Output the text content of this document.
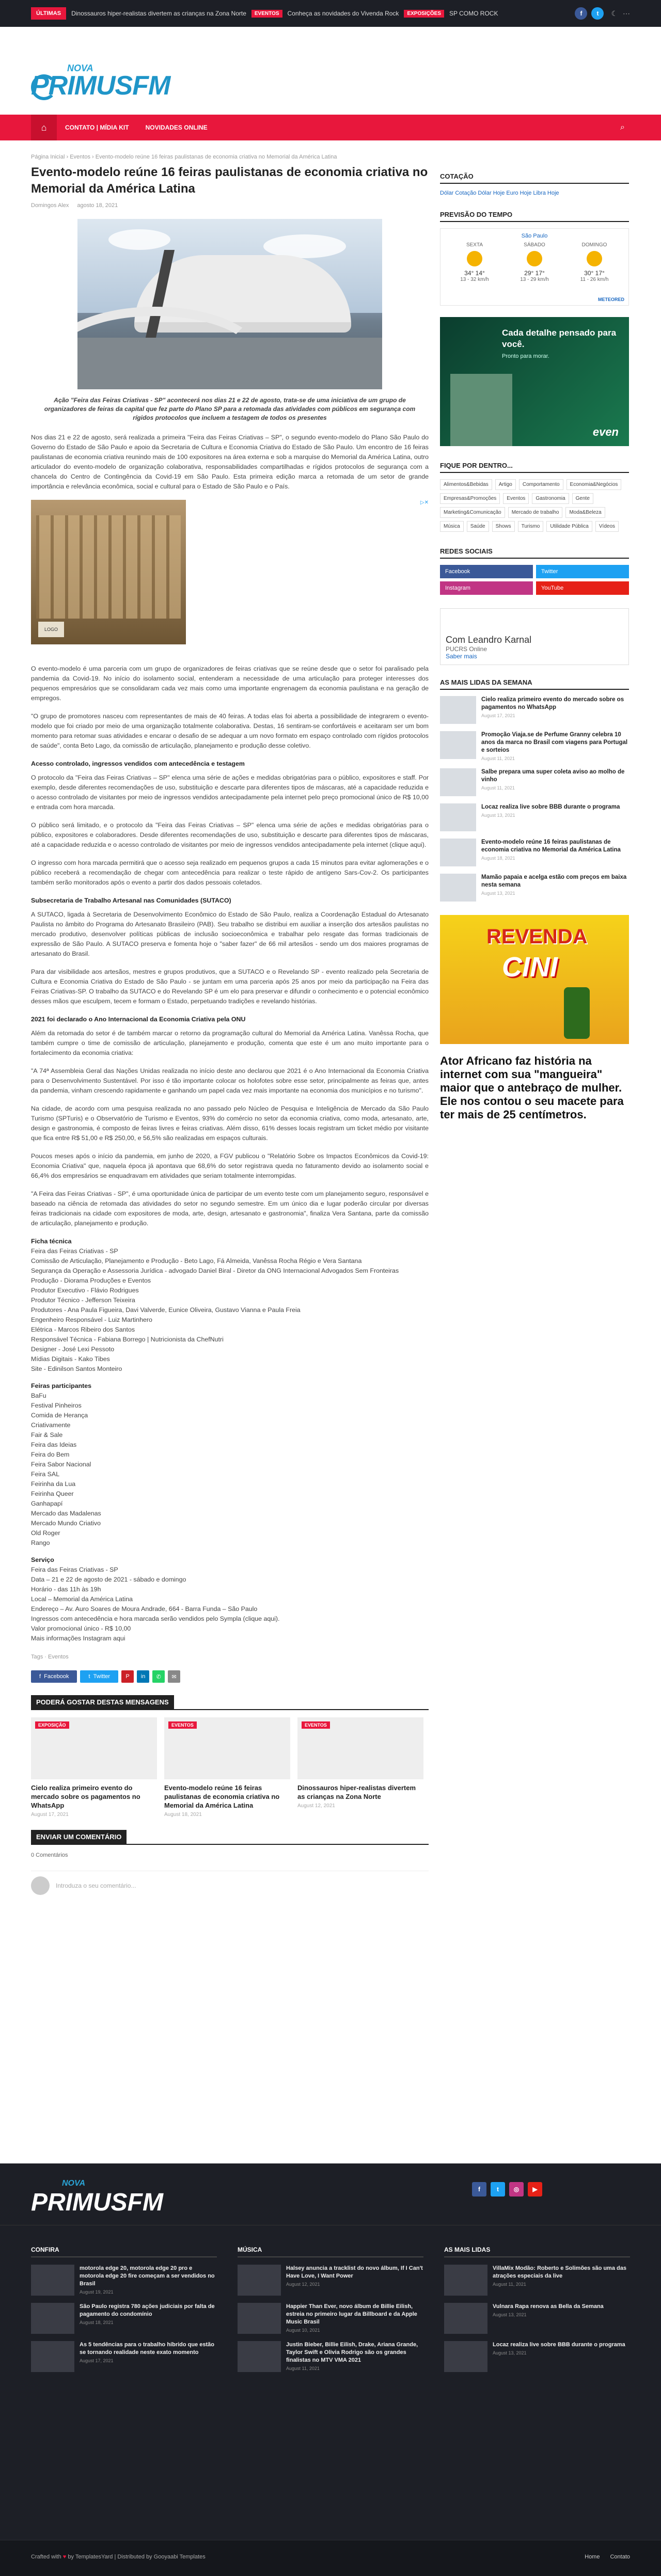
ÚLTIMAS	Dinossauros hiper-realistas divertem as crianças na Zona Norte	EVENTOS	Conheça as novidades do Vivenda Rock	EXPOSIÇÕES	SP COMO ROCK	f	t	☾ ⋯
NOVA
PRIMUSFM
⌂	CONTATO | MÍDIA KIT	NOVIDADES ONLINE	⌕
Página Inicial › Eventos › Evento-modelo reúne 16 feiras paulistanas de economia criativa no Memorial da América Latina
Evento-modelo reúne 16 feiras paulistanas de economia criativa no Memorial da América Latina
Domingos Alex agosto 18, 2021

Ação "Feira das Feiras Criativas - SP" acontecerá nos dias 21 e 22 de agosto, trata-se de uma iniciativa de um grupo de organizadores de feiras da capital que fez parte do Plano SP para a retomada das atividades com públicos em segurança com rígidos protocolos que incluem a testagem de todos os presentes

Nos dias 21 e 22 de agosto, será realizada a primeira "Feira das Feiras Criativas – SP", o segundo evento-modelo do Plano São Paulo do Governo do Estado de São Paulo e apoio da Secretaria de Cultura e Economia Criativa do Estado de São Paulo. Um encontro de 16 feiras paulistanas de economia criativa reunindo mais de 100 expositores na área externa e sob a marquise do Memorial da América Latina, outro articulador do evento-modelo de organização colaborativa, responsabilidades compartilhadas e rígidos protocolos de segurança com a chancela do Centro de Contingência da Covid-19 em São Paulo. Esta primeira edição marca a retomada de um setor de grande importância e relevância econômica, social e cultural para o Estado de São Paulo e o País.

LOGO
▷✕

O evento-modelo é uma parceria com um grupo de organizadores de feiras criativas que se reúne desde que o setor foi paralisado pela pandemia da Covid-19. No início do isolamento social, entenderam a necessidade de uma articulação para proteger interesses dos pequenos empresários que se consolidaram cada vez mais como uma importante engrenagem da economia paulistana e na geração de empregos.

"O grupo de promotores nasceu com representantes de mais de 40 feiras. A todas elas foi aberta a possibilidade de integrarem o evento-modelo que foi criado por meio de uma organização totalmente colaborativa. Destas, 16 sentiram-se confortáveis e aceitaram ser um bom momento para retomar suas atividades e encarar o desafio de se adequar a um novo formato em espaço controlado com rígidos protocolos de saúde", conta Beto Lago, da comissão de articulação, planejamento e produção desse coletivo.

Acesso controlado, ingressos vendidos com antecedência e testagem

O protocolo da "Feira das Feiras Criativas – SP" elenca uma série de ações e medidas obrigatórias para o público, expositores e staff. Por exemplo, desde diferentes recomendações de uso, substituição e descarte para diferentes tipos de máscaras, até a capacidade reduzida e o acesso controlado de visitantes por meio de ingressos vendidos antecipadamente pela internet pelo preço promocional único de R$ 10,00 e entrada com hora marcada.

O público será limitado, e o protocolo da "Feira das Feiras Criativas – SP" elenca uma série de ações e medidas obrigatórias para o público, expositores e colaboradores. Desde diferentes recomendações de uso, substituição e descarte para diferentes tipos de máscaras, até a capacidade reduzida e o acesso controlado de visitantes por meio de ingressos vendidos antecipadamente pela internet (clique aqui).

O ingresso com hora marcada permitirá que o acesso seja realizado em pequenos grupos a cada 15 minutos para evitar aglomerações e o público receberá a recomendação de chegar com antecedência para realizar o teste rápido de antígeno Sars-Cov-2. Os participantes também serão monitorados após o evento a partir dos dados pessoais coletados.

Subsecretaria de Trabalho Artesanal nas Comunidades (SUTACO)

A SUTACO, ligada à Secretaria de Desenvolvimento Econômico do Estado de São Paulo, realiza a Coordenação Estadual do Artesanato Paulista no âmbito do Programa do Artesanato Brasileiro (PAB). Seu trabalho se distribui em auxiliar a inserção dos artesãos paulistas no mercado produtivo, desenvolver políticas públicas de inclusão socioeconômica e trabalhar pelo resgate das formas tradicionais de expressão de São Paulo. A SUTACO preserva e fomenta hoje o "saber fazer" de 66 mil artesãos - sendo um dos maiores programas de artesanato do Brasil.

Para dar visibilidade aos artesãos, mestres e grupos produtivos, que a SUTACO e o Revelando SP - evento realizado pela Secretaria de Cultura e Economia Criativa do Estado de São Paulo - se juntam em uma parceria após 25 anos por meio da participação na Feira das Feiras Criativas-SP. O trabalho da SUTACO e do Revelando SP é um elo para preservar e difundir o conhecimento e o potencial econômico desses mãos que esculpem, tecem e formam o Estado, perpetuando tradições e revelando histórias.

2021 foi declarado o Ano Internacional da Economia Criativa pela ONU

Além da retomada do setor é de também marcar o retorno da programação cultural do Memorial da América Latina. Vanêssa Rocha, que também cumpre o time de comissão de articulação, planejamento e produção, comenta que este é um ano muito importante para o fortalecimento da economia criativa:

"A 74ª Assembleia Geral das Nações Unidas realizada no início deste ano declarou que 2021 é o Ano Internacional da Economia Criativa para o Desenvolvimento Sustentável. Por isso é tão importante colocar os holofotes sobre esse setor, principalmente as feiras que, antes da pandemia, vinham crescendo rapidamente e ganhando um papel cada vez mais importante na economia dos municípios e no turismo".

Na cidade, de acordo com uma pesquisa realizada no ano passado pelo Núcleo de Pesquisa e Inteligência de Mercado da São Paulo Turismo (SPTuris) e o Observatório de Turismo e Eventos, 93% do comércio no setor da economia criativa, como moda, artesanato, arte, design e gastronomia, é composto de feiras livres e feiras criativas. Além disso, 61% desses locais registram um ticket médio por visitante que fica entre R$ 51,00 e R$ 250,00, e 56,5% são realizadas em espaços culturais.

Poucos meses após o início da pandemia, em junho de 2020, a FGV publicou o "Relatório Sobre os Impactos Econômicos da Covid-19: Economia Criativa" que, naquela época já apontava que 68,6% do setor registrava queda no faturamento devido ao isolamento social e 66,4% dos empresários se enquadravam em atividades que seriam totalmente interrompidas.

"A Feira das Feiras Criativas - SP", é uma oportunidade única de participar de um evento teste com um planejamento seguro, responsável e baseado na ciência de retomada das atividades do setor no segundo semestre. Em um único dia e lugar poderão circular por diversas feiras tradicionais na cidade com expositores de moda, arte, design, artesanato e gastronomia", finaliza Vera Santana, parte da comissão de articulação, planejamento e produção.

Ficha técnica

Feira das Feiras Criativas - SP

Comissão de Articulação, Planejamento e Produção - Beto Lago, Fá Almeida, Vanêssa Rocha Régio e Vera Santana

Segurança da Operação e Assessoria Jurídica - advogado Daniel Biral - Diretor da ONG Internacional Advogados Sem Fronteiras

Produção - Diorama Produções e Eventos

Produtor Executivo - Flávio Rodrigues

Produtor Técnico - Jefferson Teixeira

Produtores - Ana Paula Figueira, Davi Valverde, Eunice Oliveira, Gustavo Vianna e Paula Freia

Engenheiro Responsável - Luiz Martinhero

Elétrica - Marcos Ribeiro dos Santos

Responsável Técnica - Fabiana Borrego | Nutricionista da ChefNutri

Designer - José Lexi Pessoto

Mídias Digitais - Kako Tibes

Site - Edinilson Santos Monteiro

Feiras participantes

BaFu

Festival Pinheiros

Comida de Herança

Criativamente

Fair & Sale

Feira das Ideias

Feira do Bem

Feira Sabor Nacional

Feira SAL

Feirinha da Lua

Feirinha Queer

Ganhapapí

Mercado das Madalenas

Mercado Mundo Criativo

Old Roger

Rango

Serviço

Feira das Feiras Criativas - SP

Data – 21 e 22 de agosto de 2021 - sábado e domingo

Horário - das 11h às 19h

Local – Memorial da América Latina

Endereço – Av. Auro Soares de Moura Andrade, 664 - Barra Funda – São Paulo

Ingressos com antecedência e hora marcada serão vendidos pelo Sympla (clique aqui).

Valor promocional único - R$ 10,00

Mais informações Instagram aqui

Tags · Eventos
f Facebook	t Twitter	P	in	✆	✉
PODERÁ GOSTAR DESTAS MENSAGENS
EXPOSIÇÃO
Cielo realiza primeiro evento do mercado sobre os pagamentos no WhatsApp
August 17, 2021
EVENTOS
Evento-modelo reúne 16 feiras paulistanas de economia criativa no Memorial da América Latina
August 18, 2021
EVENTOS
Dinossauros hiper-realistas divertem as crianças na Zona Norte
August 12, 2021
ENVIAR UM COMENTÁRIO
0 Comentários
Introduza o seu comentário...
COTAÇÃO
Dólar Cotação Dólar Hoje Euro Hoje Libra Hoje
PREVISÃO DO TEMPO
São Paulo
SEXTA
34° 14°
13 - 32 km/h
SÁBADO
29° 17°
13 - 29 km/h
DOMINGO
30° 17°
11 - 26 km/h
METEORED
Cada detalhe pensado para você.
Pronto para morar.
even
FIQUE POR DENTRO...
Alimentos&Bebidas	Artigo	Comportamento	Economia&Negócios
Empresas&Promoções	Eventos	Gastronomia	Gente
Marketing&Comunicação	Mercado de trabalho	Moda&Beleza
Música	Saúde	Shows	Turismo	Utilidade Pública	Vídeos
REDES SOCIAIS
Facebook	Twitter
Instagram	YouTube
Com Leandro Karnal
PUCRS Online
Saber mais
AS MAIS LIDAS DA SEMANA
Cielo realiza primeiro evento do mercado sobre os pagamentos no WhatsApp
August 17, 2021
Promoção Viaja.se de Perfume Granny celebra 10 anos da marca no Brasil com viagens para Portugal e sorteios
August 11, 2021
Salbe prepara uma super coleta aviso ao molho de vinho
August 11, 2021
Locaz realiza live sobre BBB durante o programa
August 13, 2021
Evento-modelo reúne 16 feiras paulistanas de economia criativa no Memorial da América Latina
August 18, 2021
Mamão papaia e acelga estão com preços em baixa nesta semana
August 13, 2021
REVENDA
CINI
Ator Africano faz história na internet com sua "mangueira" maior que o antebraço de mulher. Ele nos contou o seu macete para ter mais de 25 centímetros.
NOVA
PRIMUSFM	f	t	◎	▶
CONFIRA
motorola edge 20, motorola edge 20 pro e motorola edge 20 fire começam a ser vendidos no Brasil
August 19, 2021
São Paulo registra 780 ações judiciais por falta de pagamento do condomínio
August 18, 2021
As 5 tendências para o trabalho híbrido que estão se tornando realidade neste exato momento
August 17, 2021
MÚSICA
Halsey anuncia a tracklist do novo álbum, If I Can't Have Love, I Want Power
August 12, 2021
Happier Than Ever, novo álbum de Billie Eilish, estreia no primeiro lugar da Billboard e da Apple Music Brasil
August 10, 2021
Justin Bieber, Billie Eilish, Drake, Ariana Grande, Taylor Swift e Olivia Rodrigo são os grandes finalistas no MTV VMA 2021
August 11, 2021
AS MAIS LIDAS
VillaMix Modão: Roberto e Solimões são uma das atrações especiais da live
August 11, 2021
Vulnara Rapa renova as Bella da Semana
August 13, 2021
Locaz realiza live sobre BBB durante o programa
August 13, 2021
Crafted with ♥ by TemplatesYard | Distributed by Gooyaabi Templates	Home Contato
